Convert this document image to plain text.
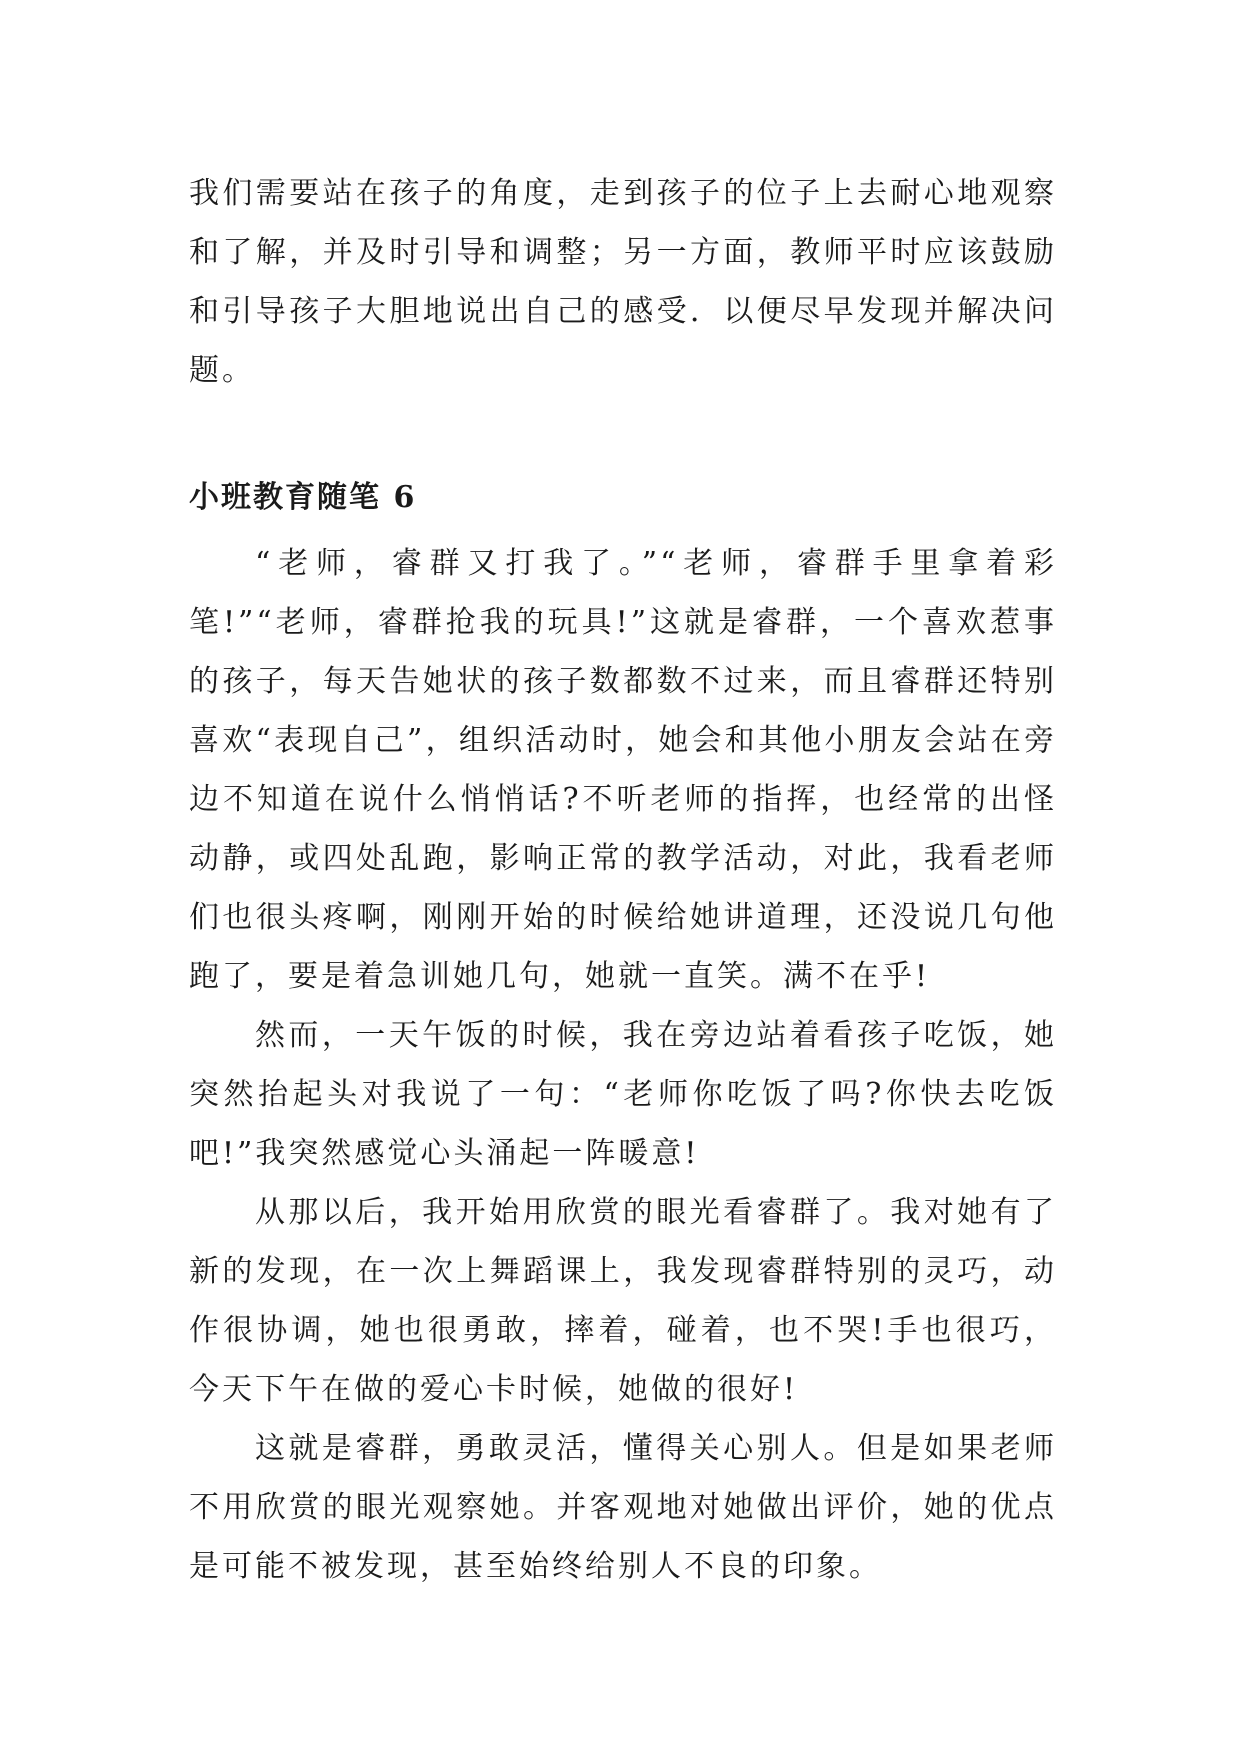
我们需要站在孩子的角度，走到孩子的位子上去耐心地观察和了解，并及时引导和调整；另一方面，教师平时应该鼓励和引导孩子大胆地说出自己的感受．以便尽早发现并解决问题。

小班教育随笔 6

“老师，睿群又打我了。”“老师，睿群手里拿着彩笔!”“老师，睿群抢我的玩具!”这就是睿群，一个喜欢惹事的孩子，每天告她状的孩子数都数不过来，而且睿群还特别喜欢“表现自己”，组织活动时，她会和其他小朋友会站在旁边不知道在说什么悄悄话?不听老师的指挥，也经常的出怪动静，或四处乱跑，影响正常的教学活动，对此，我看老师们也很头疼啊，刚刚开始的时候给她讲道理，还没说几句他跑了，要是着急训她几句，她就一直笑。满不在乎!

然而，一天午饭的时候，我在旁边站着看孩子吃饭，她突然抬起头对我说了一句：“老师你吃饭了吗?你快去吃饭吧!”我突然感觉心头涌起一阵暖意!

从那以后，我开始用欣赏的眼光看睿群了。我对她有了新的发现，在一次上舞蹈课上，我发现睿群特别的灵巧，动作很协调，她也很勇敢，摔着，碰着，也不哭!手也很巧，今天下午在做的爱心卡时候，她做的很好!

这就是睿群，勇敢灵活，懂得关心别人。但是如果老师不用欣赏的眼光观察她。并客观地对她做出评价，她的优点是可能不被发现，甚至始终给别人不良的印象。
